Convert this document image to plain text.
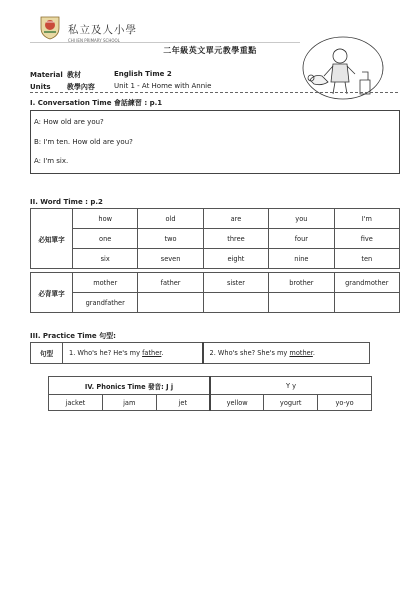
私立及人小學
CHI JEN PRIMARY SCHOOL
二年級英文單元教學重點
Material 教材	English Time 2
Units 教學內容	Unit 1 - At Home with Annie
I. Conversation Time 會話練習 : p.1
A: How old are you?
B: I'm ten. How old are you?
A: I'm six.
II. Word Time : p.2
必知單字	how	old	are	you	I'm
	one	two	three	four	five
	six	seven	eight	nine	ten
必背單字	mother	father	sister	brother	grandmother
	grandfather				
III. Practice Time 句型:
句型	1. Who's he? He's my father.	2. Who's she? She's my mother.
IV. Phonics Time 發音: J j			Y y		
jacket	jam	jet	yellow	yogurt	yo-yo
